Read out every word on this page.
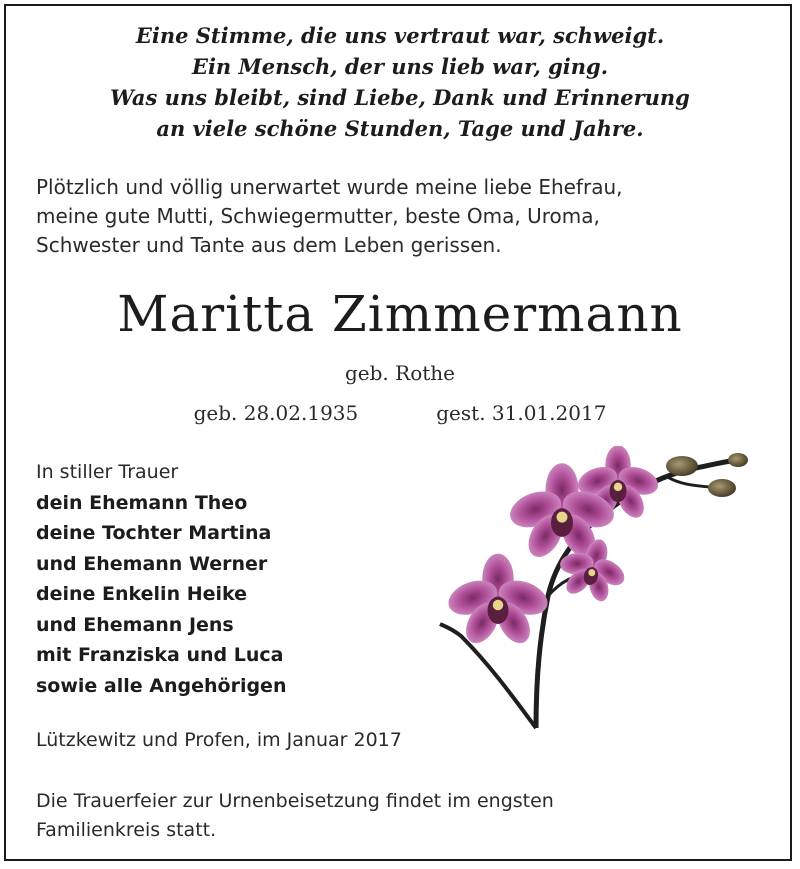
Eine Stimme, die uns vertraut war, schweigt.
Ein Mensch, der uns lieb war, ging.
Was uns bleibt, sind Liebe, Dank und Erinnerung
an viele schöne Stunden, Tage und Jahre.
Plötzlich und völlig unerwartet wurde meine liebe Ehefrau,
meine gute Mutti, Schwiegermutter, beste Oma, Uroma,
Schwester und Tante aus dem Leben gerissen.
Maritta Zimmermann
geb. Rothe
geb. 28.02.1935	gest. 31.01.2017
In stiller Trauer
dein Ehemann Theo
deine Tochter Martina
und Ehemann Werner
deine Enkelin Heike
und Ehemann Jens
mit Franziska und Luca
sowie alle Angehörigen
Lützkewitz und Profen, im Januar 2017
Die Trauerfeier zur Urnenbeisetzung findet im engsten
Familienkreis statt.
